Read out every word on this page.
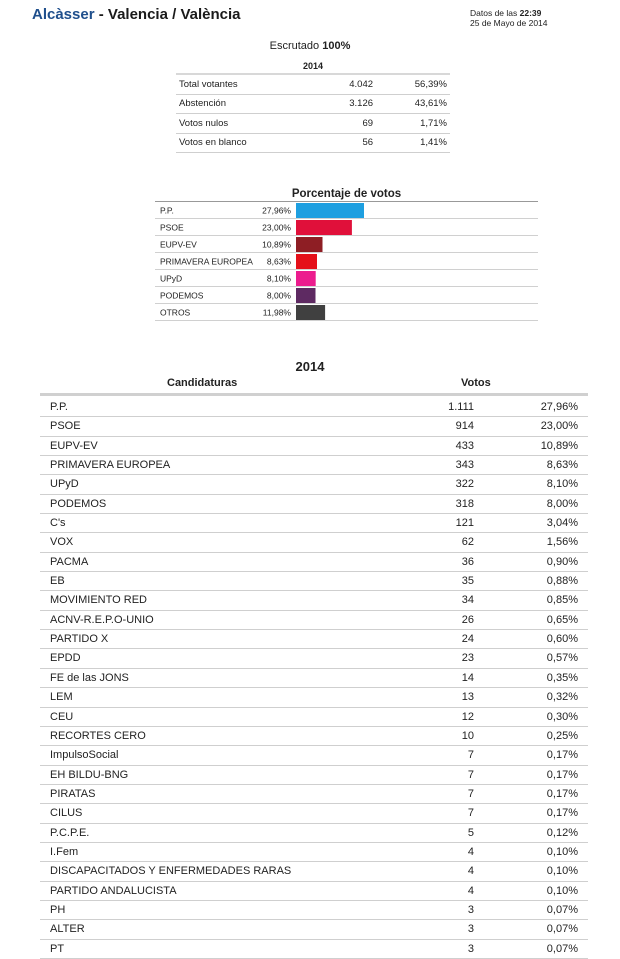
Alcàsser - Valencia / València	Datos de las 22:39
25 de Mayo de 2014
Escrutado 100%
2014
Total votantes	4.042	56,39%
Abstención	3.126	43,61%
Votos nulos	69	1,71%
Votos en blanco	56	1,41%
Porcentaje de votos
P.P.	27,96%
PSOE	23,00%
EUPV-EV	10,89%
PRIMAVERA EUROPEA 8,63%
UPyD	8,10%
PODEMOS	8,00%
OTROS	11,98%
2014
Candidaturas	Votos
P.P.	1.111	27,96%
PSOE	914	23,00%
EUPV-EV	433	10,89%
PRIMAVERA EUROPEA	343	8,63%
UPyD	322	8,10%
PODEMOS	318	8,00%
C's	121	3,04%
VOX	62	1,56%
PACMA	36	0,90%
EB	35	0,88%
MOVIMIENTO RED	34	0,85%
ACNV-R.E.P.O-UNIO	26	0,65%
PARTIDO X	24	0,60%
EPDD	23	0,57%
FE de las JONS	14	0,35%
LEM	13	0,32%
CEU	12	0,30%
RECORTES CERO	10	0,25%
ImpulsoSocial	7	0,17%
EH BILDU-BNG	7	0,17%
PIRATAS	7	0,17%
CILUS	7	0,17%
P.C.P.E.	5	0,12%
I.Fem	4	0,10%
DISCAPACITADOS Y ENFERMEDADES RARAS	4	0,10%
PARTIDO ANDALUCISTA	4	0,10%
PH	3	0,07%
ALTER	3	0,07%
PT	3	0,07%
